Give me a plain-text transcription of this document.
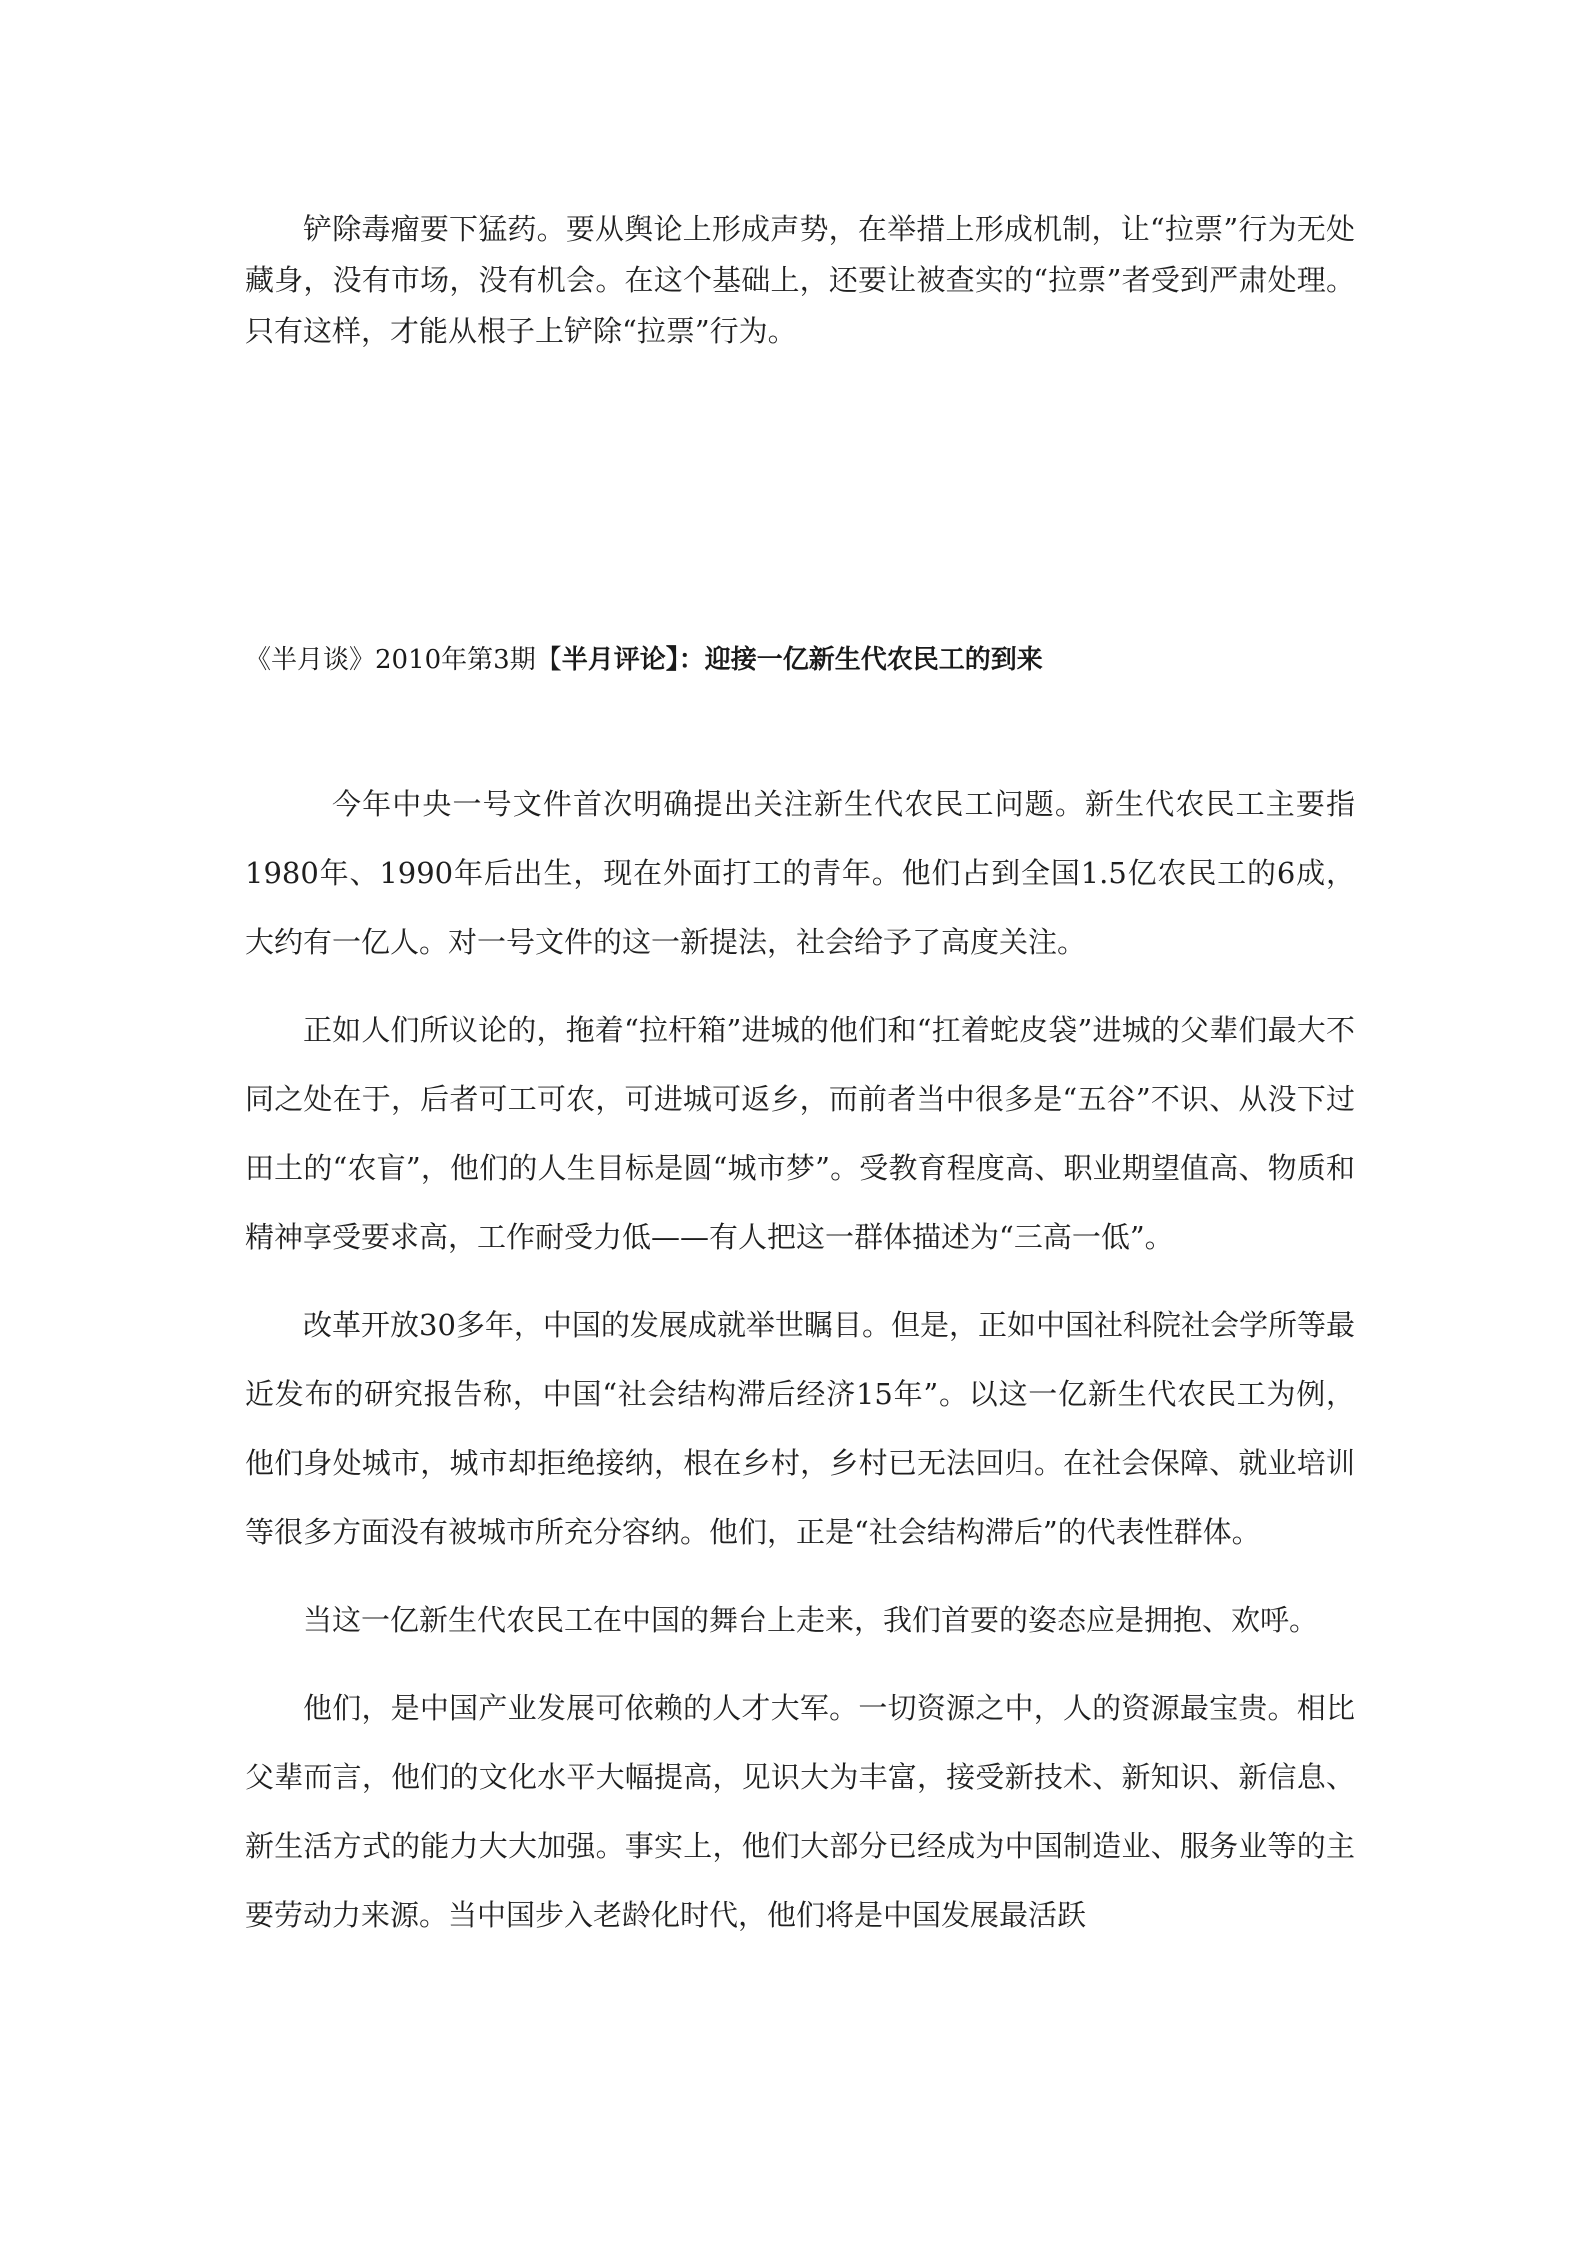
铲除毒瘤要下猛药。要从舆论上形成声势，在举措上形成机制，让“拉票”行为无处藏身，没有市场，没有机会。在这个基础上，还要让被查实的“拉票”者受到严肃处理。只有这样，才能从根子上铲除“拉票”行为。

《半月谈》2010年第3期【半月评论】：迎接一亿新生代农民工的到来

今年中央一号文件首次明确提出关注新生代农民工问题。新生代农民工主要指1980年、1990年后出生，现在外面打工的青年。他们占到全国1.5亿农民工的6成，大约有一亿人。对一号文件的这一新提法，社会给予了高度关注。

正如人们所议论的，拖着“拉杆箱”进城的他们和“扛着蛇皮袋”进城的父辈们最大不同之处在于，后者可工可农，可进城可返乡，而前者当中很多是“五谷”不识、从没下过田土的“农盲”，他们的人生目标是圆“城市梦”。受教育程度高、职业期望值高、物质和精神享受要求高，工作耐受力低——有人把这一群体描述为“三高一低”。

改革开放30多年，中国的发展成就举世瞩目。但是，正如中国社科院社会学所等最近发布的研究报告称，中国“社会结构滞后经济15年”。以这一亿新生代农民工为例，他们身处城市，城市却拒绝接纳，根在乡村，乡村已无法回归。在社会保障、就业培训等很多方面没有被城市所充分容纳。他们，正是“社会结构滞后”的代表性群体。

当这一亿新生代农民工在中国的舞台上走来，我们首要的姿态应是拥抱、欢呼。

他们，是中国产业发展可依赖的人才大军。一切资源之中，人的资源最宝贵。相比父辈而言，他们的文化水平大幅提高，见识大为丰富，接受新技术、新知识、新信息、新生活方式的能力大大加强。事实上，他们大部分已经成为中国制造业、服务业等的主要劳动力来源。当中国步入老龄化时代，他们将是中国发展最活跃
